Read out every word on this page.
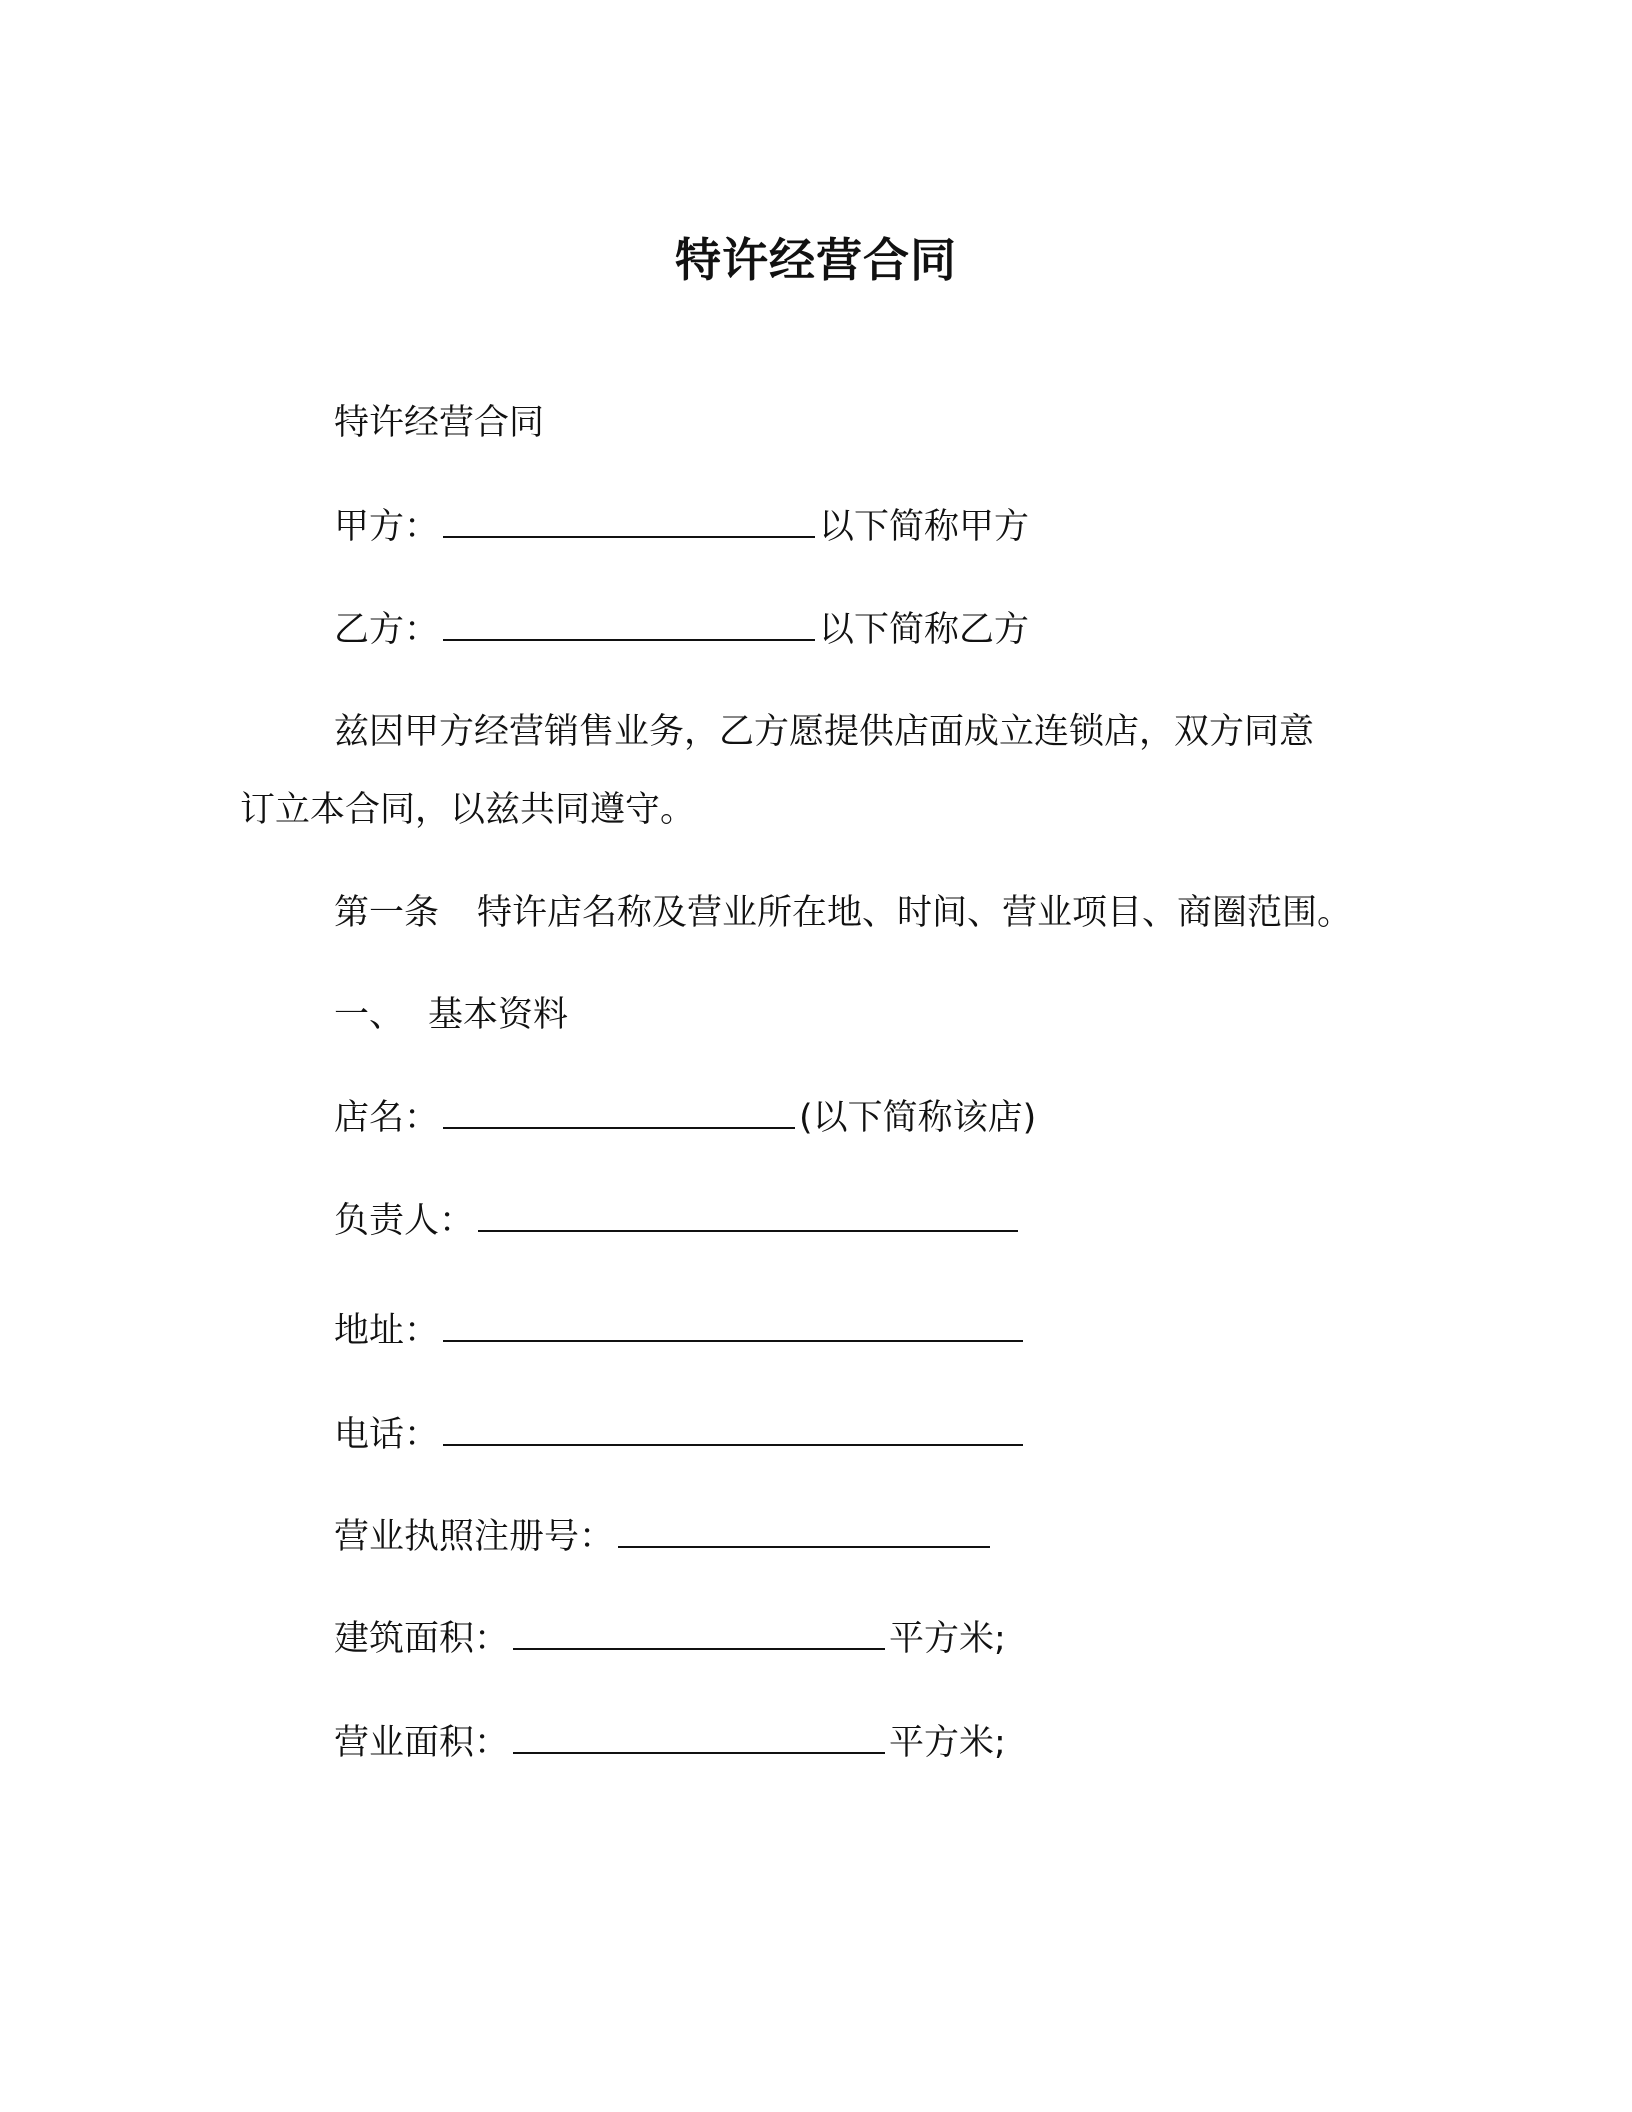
特许经营合同
特许经营合同
甲方：	以下简称甲方
乙方：	以下简称乙方
兹因甲方经营销售业务，乙方愿提供店面成立连锁店，双方同意
订立本合同，以兹共同遵守。
第一条 特许店名称及营业所在地、时间、营业项目、商圈范围。
一、 基本资料
店名：	(以下简称该店)
负责人：
地址：
电话：
营业执照注册号：
建筑面积：	平方米;
营业面积：	平方米;
